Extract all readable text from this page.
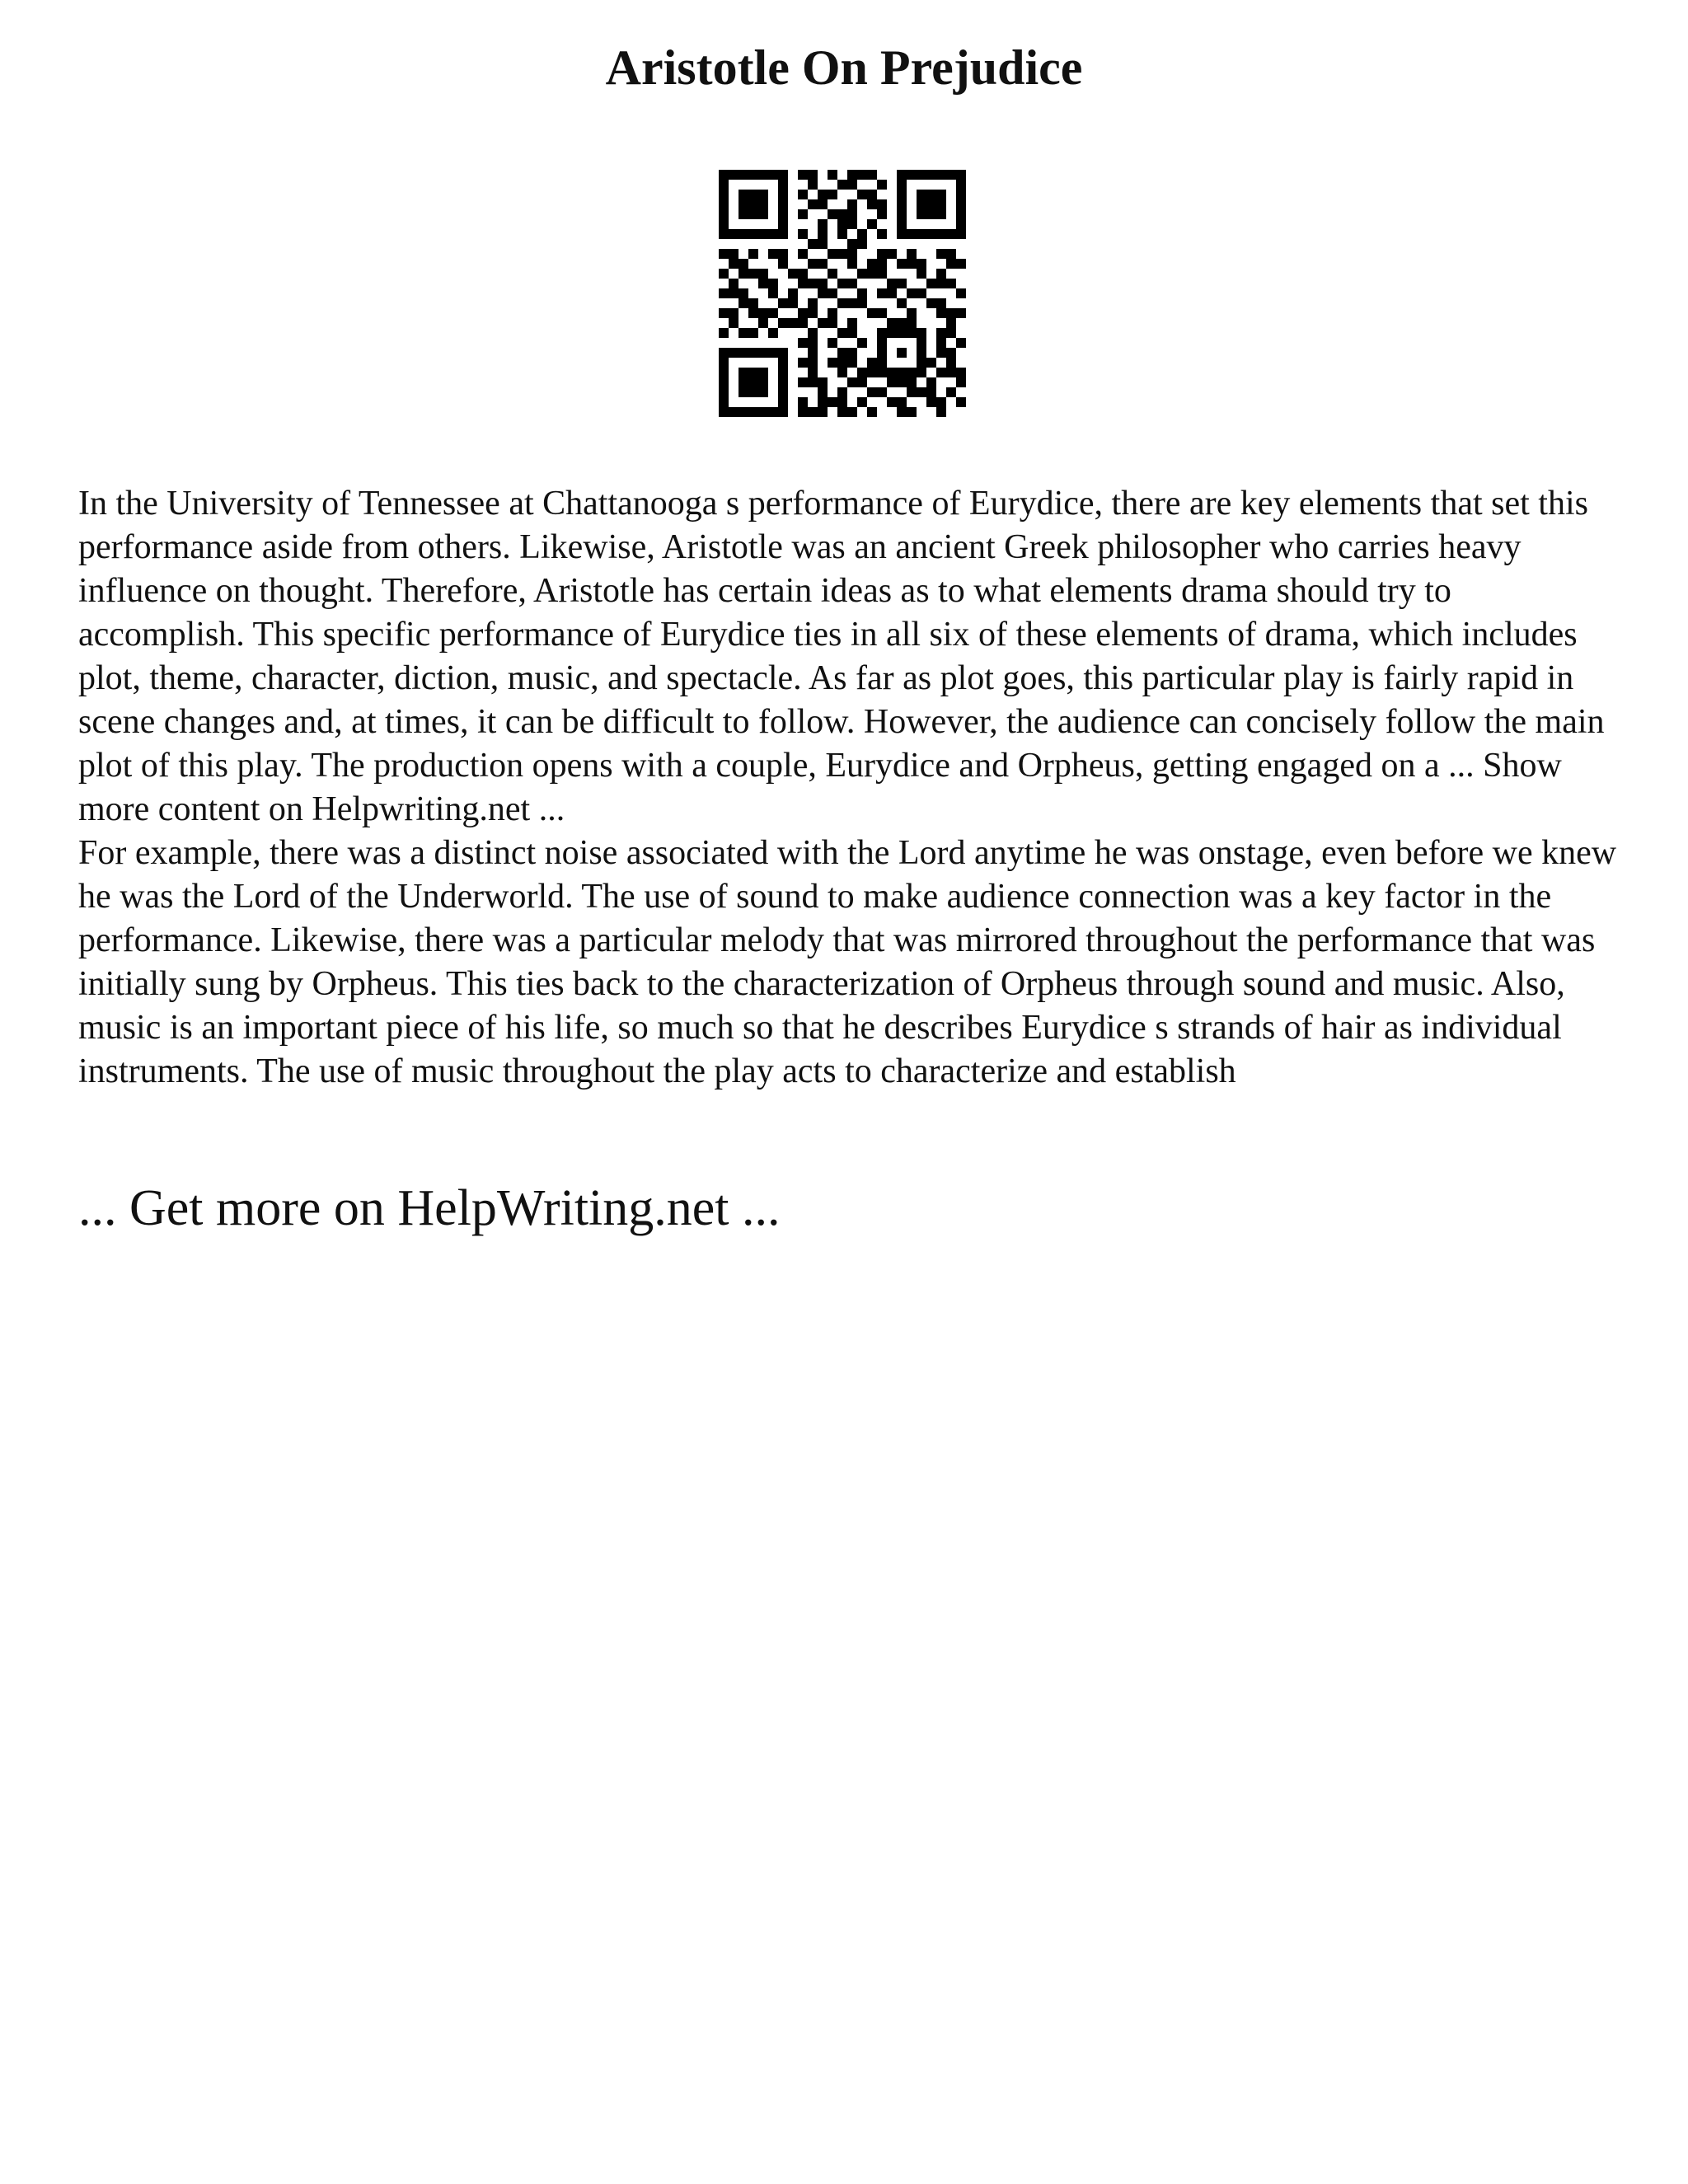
Aristotle On Prejudice

In the University of Tennessee at Chattanooga s performance of Eurydice, there are key elements that set this performance aside from others. Likewise, Aristotle was an ancient Greek philosopher who carries heavy influence on thought. Therefore, Aristotle has certain ideas as to what elements drama should try to accomplish. This specific performance of Eurydice ties in all six of these elements of drama, which includes plot, theme, character, diction, music, and spectacle. As far as plot goes, this particular play is fairly rapid in scene changes and, at times, it can be difficult to follow. However, the audience can concisely follow the main plot of this play. The production opens with a couple, Eurydice and Orpheus, getting engaged on a ... Show more content on Helpwriting.net ...

For example, there was a distinct noise associated with the Lord anytime he was onstage, even before we knew he was the Lord of the Underworld. The use of sound to make audience connection was a key factor in the performance. Likewise, there was a particular melody that was mirrored throughout the performance that was initially sung by Orpheus. This ties back to the characterization of Orpheus through sound and music. Also, music is an important piece of his life, so much so that he describes Eurydice s strands of hair as individual instruments. The use of music throughout the play acts to characterize and establish

... Get more on HelpWriting.net ...
